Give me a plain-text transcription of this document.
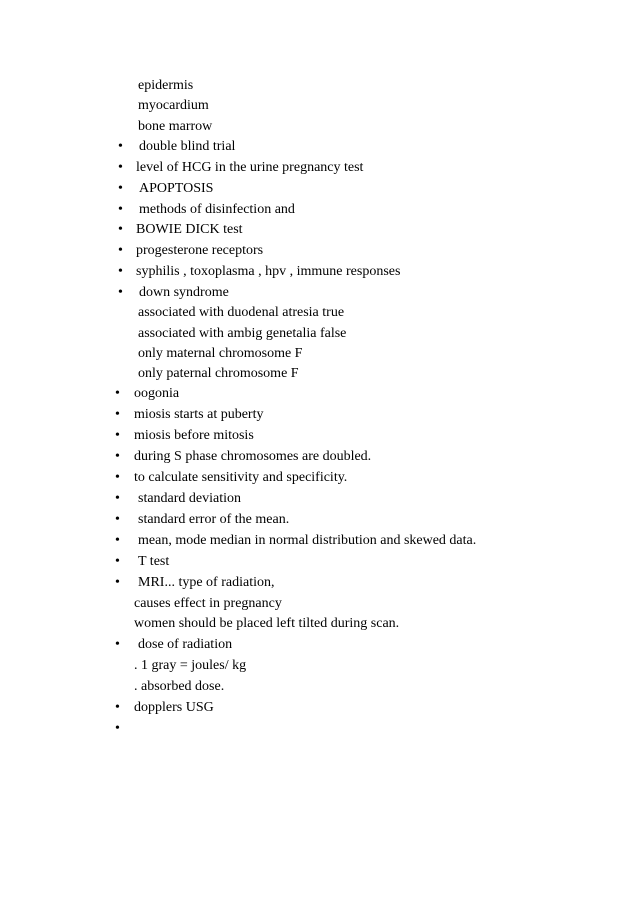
epidermis
myocardium
bone marrow
• double blind trial
• level of HCG in the urine pregnancy test
• APOPTOSIS
• methods of disinfection and
• BOWIE DICK test
• progesterone receptors
• syphilis , toxoplasma , hpv , immune responses
• down syndrome
associated with duodenal atresia true
associated with ambig genetalia false
only maternal chromosome F
only paternal chromosome F
• oogonia
• miosis starts at puberty
• miosis before mitosis
• during S phase chromosomes are doubled.
• to calculate sensitivity and specificity.
• standard deviation
• standard error of the mean.
• mean, mode median in normal distribution and skewed data.
• T test
• MRI... type of radiation,
causes effect in pregnancy
women should be placed left tilted during scan.
• dose of radiation
. 1 gray = joules/ kg
. absorbed dose.
• dopplers USG
•
